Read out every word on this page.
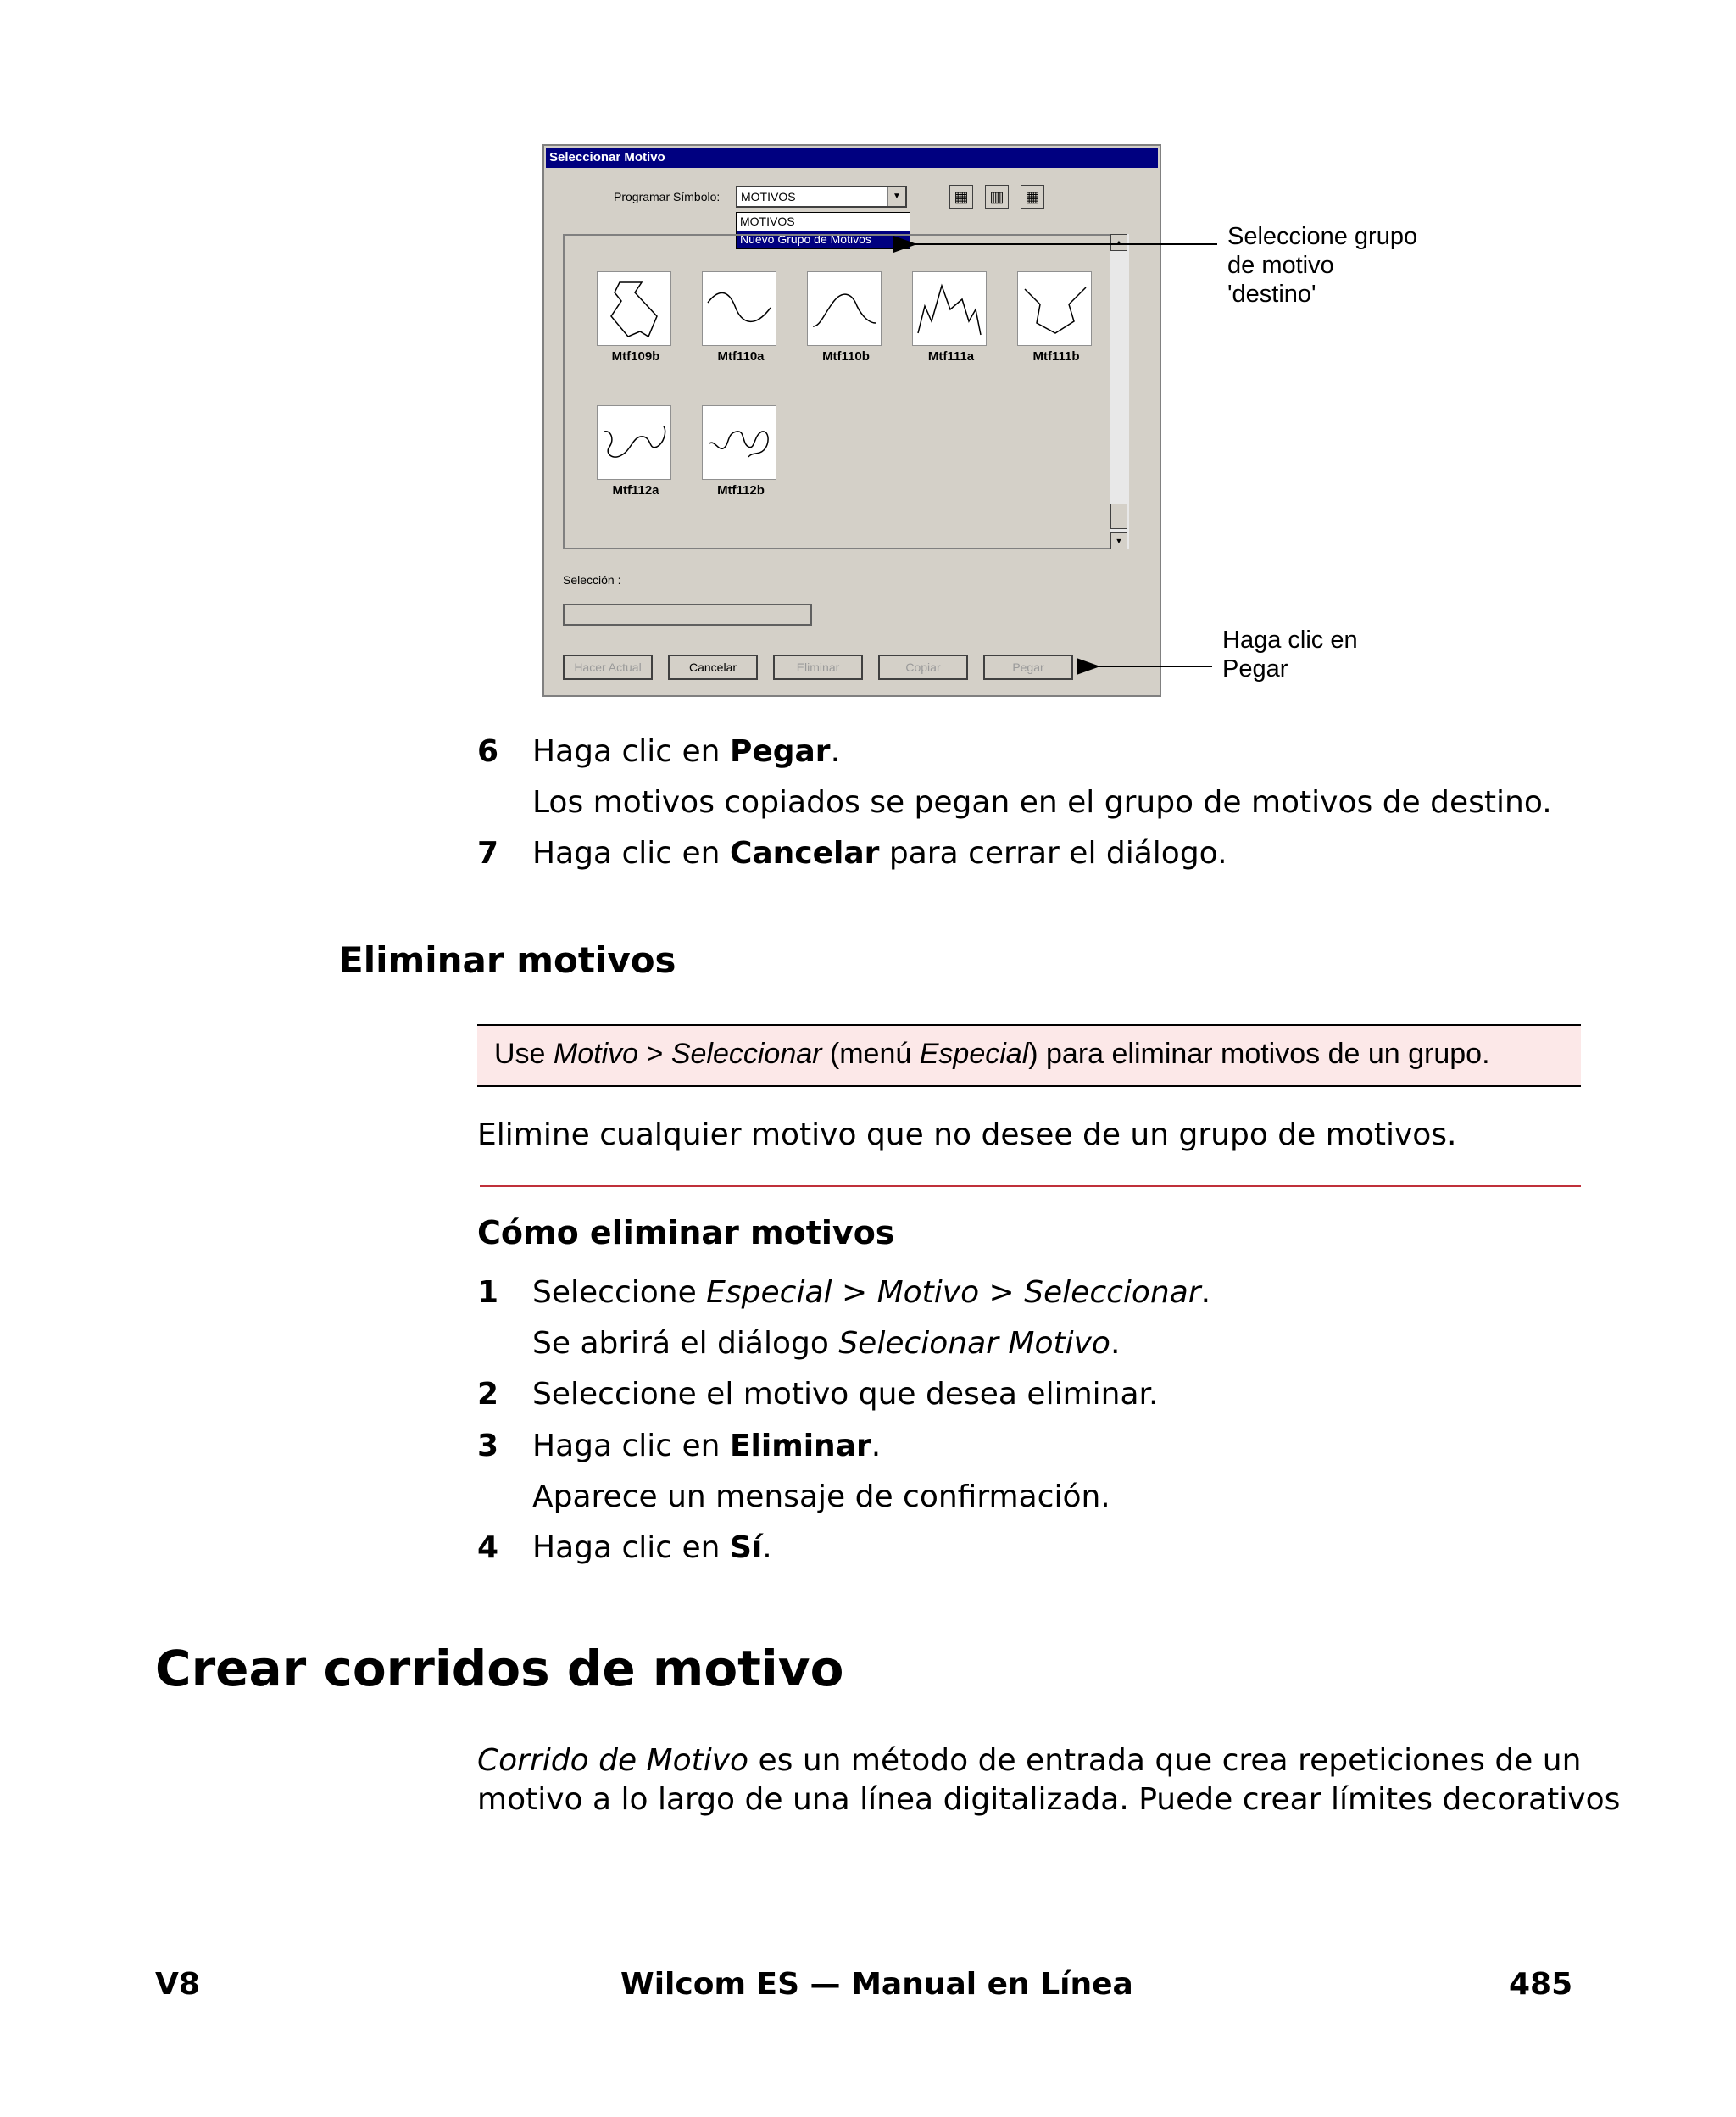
Seleccionar Motivo
Programar Símbolo:	MOTIVOS	▼
MOTIVOS
Nuevo Grupo de Motivos
▦	▥	▦
Mtf109b	Mtf110a	Mtf110b	Mtf111a	Mtf111b
Mtf112a	Mtf112b
▲
▼
Selección :
Hacer Actual	Cancelar	Eliminar	Copiar	Pegar
Seleccione grupo
de motivo
'destino'
Haga clic en
Pegar
6 Haga clic en Pegar.
Los motivos copiados se pegan en el grupo de motivos de destino.
7 Haga clic en Cancelar para cerrar el diálogo.
Eliminar motivos
Use Motivo > Seleccionar (menú Especial) para eliminar motivos de un grupo.
Elimine cualquier motivo que no desee de un grupo de motivos.
Cómo eliminar motivos
1 Seleccione Especial > Motivo > Seleccionar.
Se abrirá el diálogo Selecionar Motivo.
2 Seleccione el motivo que desea eliminar.
3 Haga clic en Eliminar.
Aparece un mensaje de confirmación.
4 Haga clic en Sí.
Crear corridos de motivo
Corrido de Motivo es un método de entrada que crea repeticiones de un
motivo a lo largo de una línea digitalizada. Puede crear límites decorativos
V8	Wilcom ES — Manual en Línea	485
